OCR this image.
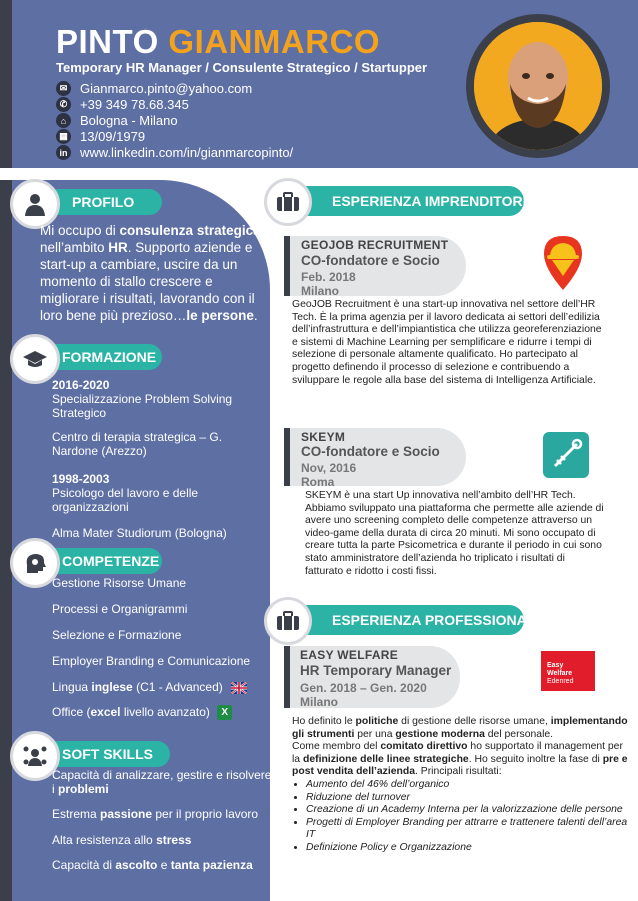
PINTO GIANMARCO
Temporary HR Manager / Consulente Strategico / Startupper
✉ Gianmarco.pinto@yahoo.com
✆ +39 349 78.68.345
⌂	Bologna - Milano
▦ 13/09/1979
in www.linkedin.com/in/gianmarcopinto/
PROFILO
Mi occupo di consulenza strategica nell’ambito HR. Supporto aziende e start-up a cambiare, uscire da un momento di stallo crescere e migliorare i risultati, lavorando con il loro bene più prezioso…le persone.
FORMAZIONE
2016-2020
Specializzazione Problem Solving Strategico
Centro di terapia strategica – G. Nardone (Arezzo)
1998-2003
Psicologo del lavoro e delle organizzazioni
Alma Mater Studiorum (Bologna)
COMPETENZE
Gestione Risorse Umane
Processi e Organigrammi
Selezione e Formazione
Employer Branding e Comunicazione
Lingua inglese (C1 - Advanced)
Office (excel livello avanzato) X
SOFT SKILLS
Capacità di analizzare, gestire e risolvere i problemi
Estrema passione per il proprio lavoro
Alta resistenza allo stress
Capacità di ascolto e tanta pazienza
ESPERIENZA IMPRENDITORIALE
GEOJOB RECRUITMENT
CO-fondatore e Socio
Feb. 2018
Milano
GeoJOB Recruitment è una start-up innovativa nel settore dell’HR Tech. È la prima agenzia per il lavoro dedicata ai settori dell’edilizia dell’infrastruttura e dell’impiantistica che utilizza georeferenziazione e sistemi di Machine Learning per semplificare e ridurre i tempi di selezione di personale altamente qualificato. Ho partecipato al progetto definendo il processo di selezione e contribuendo a sviluppare le regole alla base del sistema di Intelligenza Artificiale.
SKEYM
CO-fondatore e Socio
Nov, 2016
Roma
SKEYM è una start Up innovativa nell’ambito dell’HR Tech. Abbiamo sviluppato una piattaforma che permette alle aziende di avere uno screening completo delle competenze attraverso un video-game della durata di circa 20 minuti. Mi sono occupato di creare tutta la parte Psicometrica e durante il periodo in cui sono stato amministratore dell’azienda ho triplicato i risultati di fatturato e ridotto i costi fissi.
ESPERIENZA PROFESSIONALE
EASY WELFARE
HR Temporary Manager
Gen. 2018 – Gen. 2020
Milano
Easy
Welfare Edenred
Ho definito le politiche di gestione delle risorse umane, implementando gli strumenti per una gestione moderna del personale.
Come membro del comitato direttivo ho supportato il management per la definizione delle linee strategiche. Ho seguito inoltre la fase di pre e post vendita dell’azienda. Principali risultati:
• Aumento del 46% dell’organico
• Riduzione del turnover
• Creazione di un Academy Interna per la valorizzazione delle persone
• Progetti di Employer Branding per attrarre e trattenere talenti dell’area IT
• Definizione Policy e Organizzazione
